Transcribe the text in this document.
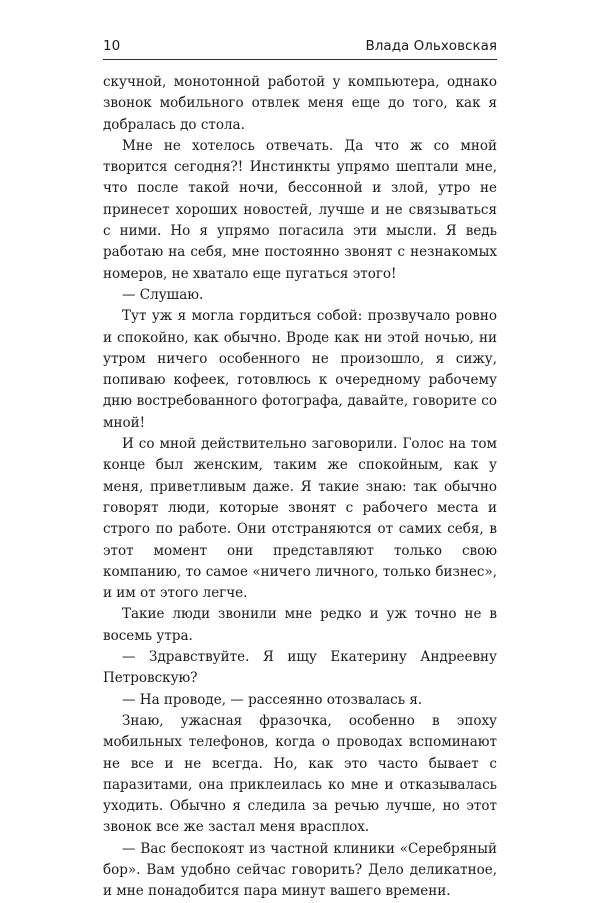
10	Влада Ольховская

скучной, монотонной работой у компьютера, однако звонок мобильного отвлек меня еще до того, как я добралась до стола.

Мне не хотелось отвечать. Да что ж со мной творится сегодня?! Инстинкты упрямо шептали мне, что после такой ночи, бессонной и злой, утро не принесет хороших новостей, лучше и не связываться с ними. Но я упрямо погасила эти мысли. Я ведь работаю на себя, мне постоянно звонят с незнакомых номеров, не хватало еще пугаться этого!

— Слушаю.

Тут уж я могла гордиться собой: прозвучало ровно и спокойно, как обычно. Вроде как ни этой ночью, ни утром ничего особенного не произошло, я сижу, попиваю кофеек, готовлюсь к очередному рабочему дню востребованного фотографа, давайте, говорите со мной!

И со мной действительно заговорили. Голос на том конце был женским, таким же спокойным, как у меня, приветливым даже. Я такие знаю: так обычно говорят люди, которые звонят с рабочего места и строго по работе. Они отстраняются от самих себя, в этот момент они представляют только свою компанию, то самое «ничего личного, только бизнес», и им от этого легче.

Такие люди звонили мне редко и уж точно не в восемь утра.

— Здравствуйте. Я ищу Екатерину Андреевну Петровскую?

— На проводе, — рассеянно отозвалась я.

Знаю, ужасная фразочка, особенно в эпоху мобильных телефонов, когда о проводах вспоминают не все и не всегда. Но, как это часто бывает с паразитами, она приклеилась ко мне и отказывалась уходить. Обычно я следила за речью лучше, но этот звонок все же застал меня врасплох.

— Вас беспокоят из частной клиники «Серебряный бор». Вам удобно сейчас говорить? Дело деликатное, и мне понадобится пара минут вашего времени.
